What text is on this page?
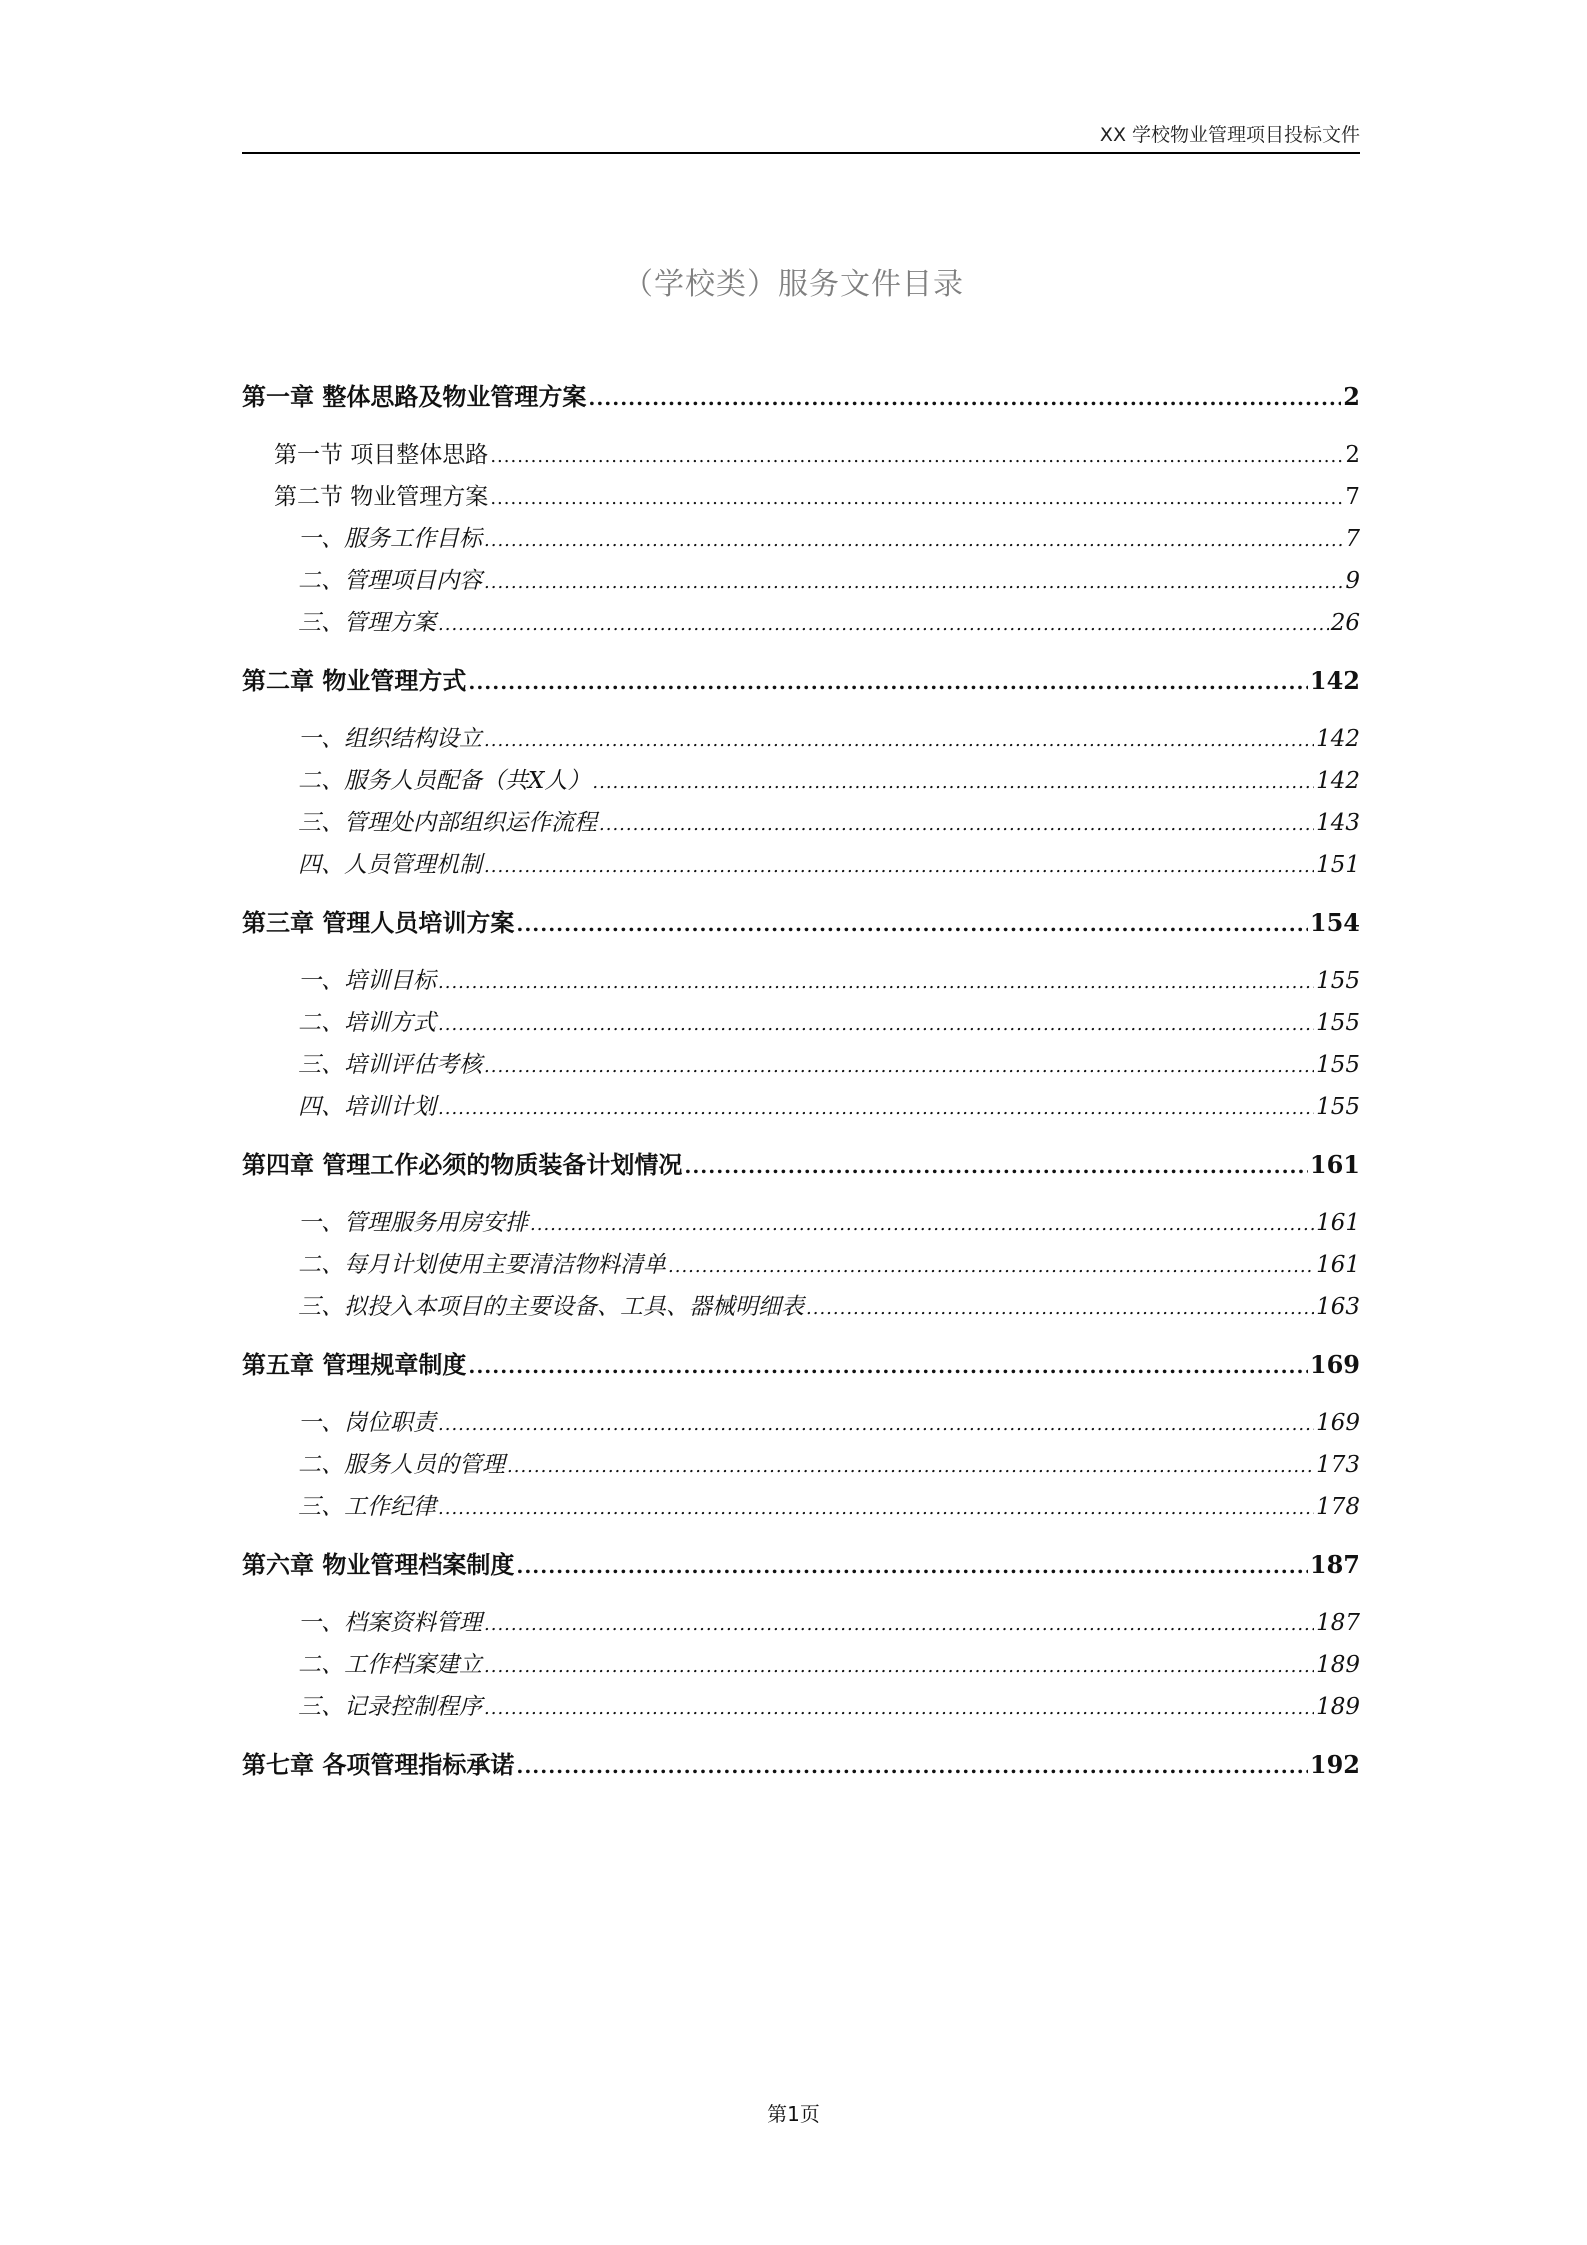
XX 学校物业管理项目投标文件
（学校类）服务文件目录
第一章 整体思路及物业管理方案 .....	2
第一节 项目整体思路 .....	2
第二节 物业管理方案 .....	7
一、服务工作目标 .....	7
二、管理项目内容 .....	9
三、管理方案 .....	26
第二章 物业管理方式 .....	142
一、组织结构设立 .....	142
二、服务人员配备（共X人） .....	142
三、管理处内部组织运作流程 .....	143
四、人员管理机制 .....	151
第三章 管理人员培训方案 .....	154
一、培训目标 .....	155
二、培训方式 .....	155
三、培训评估考核 .....	155
四、培训计划 .....	155
第四章 管理工作必须的物质装备计划情况 .....	161
一、管理服务用房安排 .....	161
二、每月计划使用主要清洁物料清单 .....	161
三、拟投入本项目的主要设备、工具、器械明细表 .....	163
第五章 管理规章制度 .....	169
一、岗位职责 .....	169
二、服务人员的管理 .....	173
三、工作纪律 .....	178
第六章 物业管理档案制度 .....	187
一、档案资料管理 .....	187
二、工作档案建立 .....	189
三、记录控制程序 .....	189
第七章 各项管理指标承诺 .....	192
第1页
